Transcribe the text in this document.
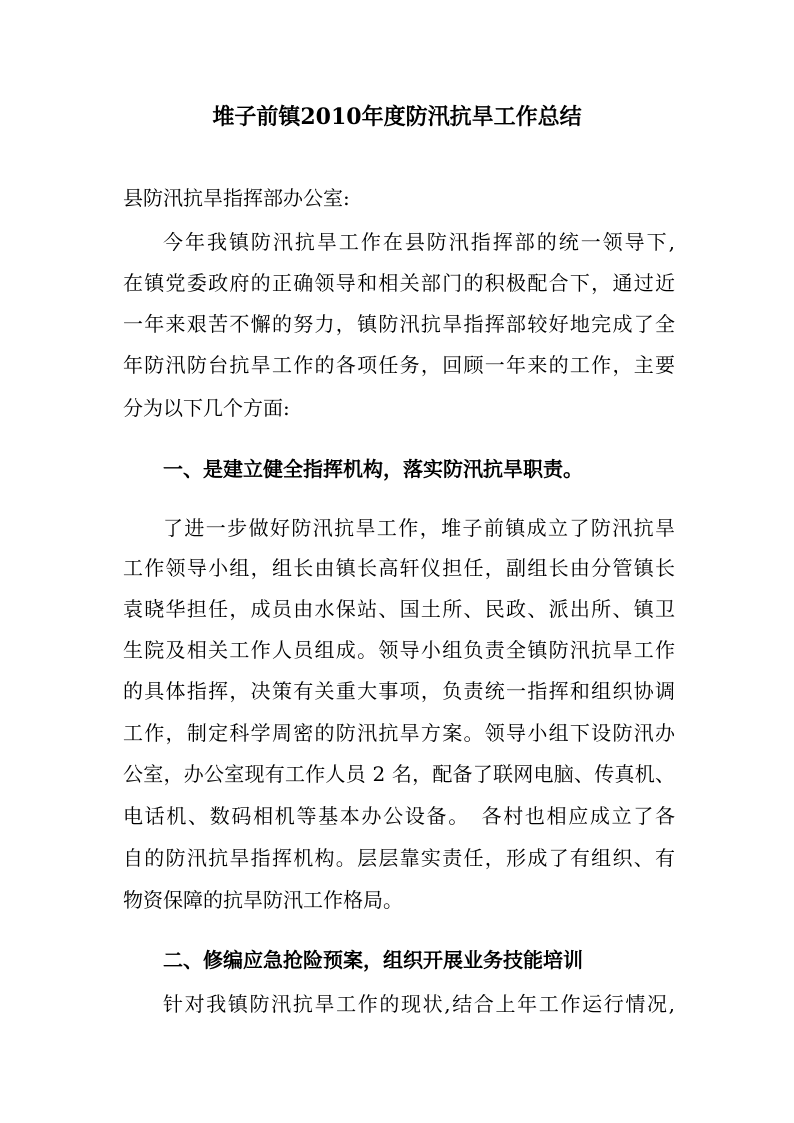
堆子前镇2010年度防汛抗旱工作总结
县防汛抗旱指挥部办公室:
今年我镇防汛抗旱工作在县防汛指挥部的统一领导下,
在镇党委政府的正确领导和相关部门的积极配合下，通过近
一年来艰苦不懈的努力，镇防汛抗旱指挥部较好地完成了全
年防汛防台抗旱工作的各项任务，回顾一年来的工作，主要
分为以下几个方面:
一、是建立健全指挥机构，落实防汛抗旱职责。
了进一步做好防汛抗旱工作，堆子前镇成立了防汛抗旱
工作领导小组，组长由镇长高轩仪担任，副组长由分管镇长
袁晓华担任，成员由水保站、国土所、民政、派出所、镇卫
生院及相关工作人员组成。领导小组负责全镇防汛抗旱工作
的具体指挥，决策有关重大事项，负责统一指挥和组织协调
工作，制定科学周密的防汛抗旱方案。领导小组下设防汛办
公室，办公室现有工作人员 2 名，配备了联网电脑、传真机、
电话机、数码相机等基本办公设备。　各村也相应成立了各
自的防汛抗旱指挥机构。层层靠实责任，形成了有组织、有
物资保障的抗旱防汛工作格局。
二、修编应急抢险预案，组织开展业务技能培训
针对我镇防汛抗旱工作的现状,结合上年工作运行情况,
